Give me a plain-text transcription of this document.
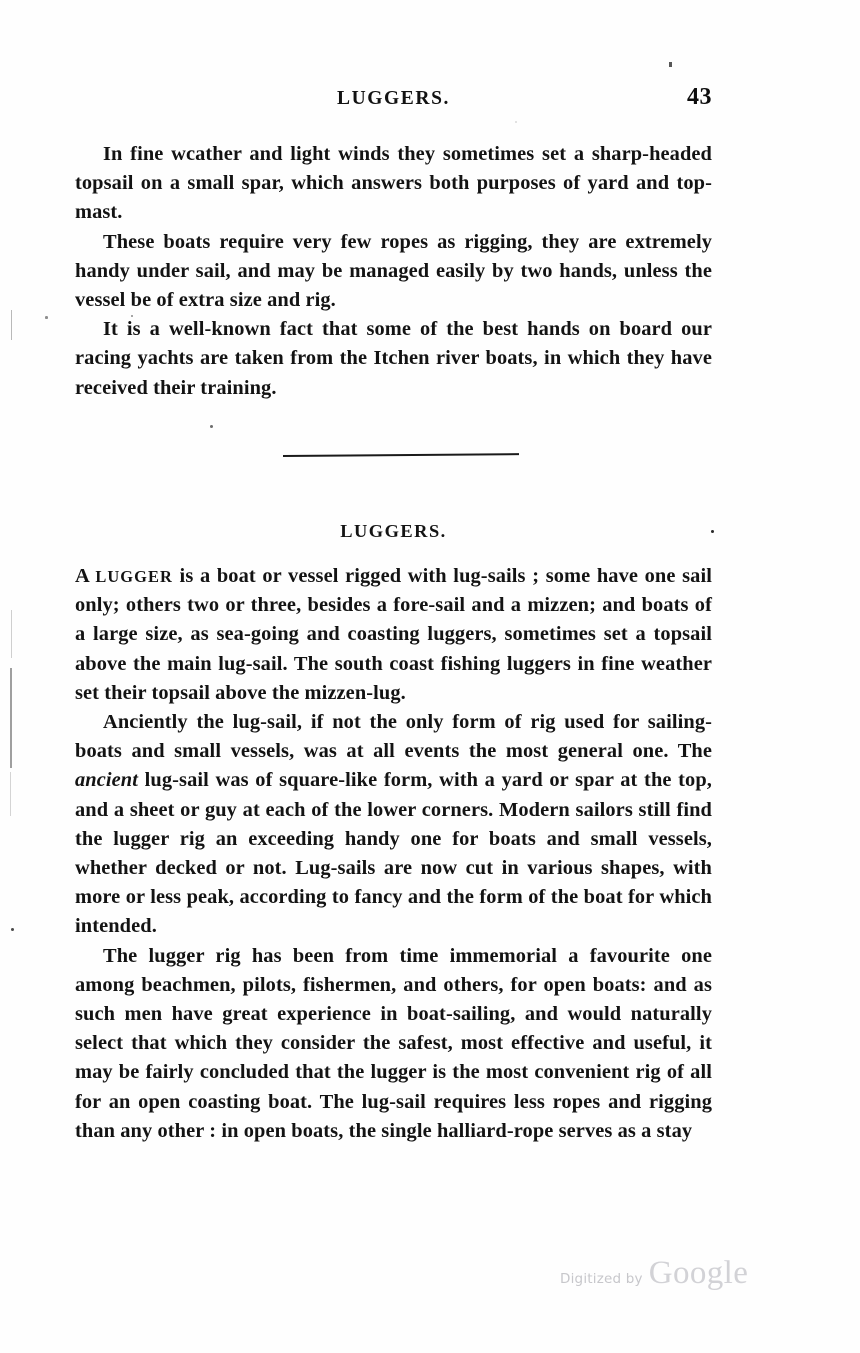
LUGGERS.	43

In fine wcather and light winds they sometimes set a sharp-headed topsail on a small spar, which answers both purposes of yard and top-mast.

These boats require very few ropes as rigging, they are extremely handy under sail, and may be managed easily by two hands, unless the vessel be of extra size and rig.

It is a well-known fact that some of the best hands on board our racing yachts are taken from the Itchen river boats, in which they have received their training.

LUGGERS.

A LUGGER is a boat or vessel rigged with lug-sails ; some have one sail only; others two or three, besides a fore-sail and a mizzen; and boats of a large size, as sea-going and coasting luggers, sometimes set a topsail above the main lug-sail. The south coast fishing luggers in fine weather set their topsail above the mizzen-lug.

Anciently the lug-sail, if not the only form of rig used for sailing-boats and small vessels, was at all events the most general one. The ancient lug-sail was of square-like form, with a yard or spar at the top, and a sheet or guy at each of the lower corners. Modern sailors still find the lugger rig an exceeding handy one for boats and small vessels, whether decked or not. Lug-sails are now cut in various shapes, with more or less peak, according to fancy and the form of the boat for which intended.

The lugger rig has been from time immemorial a favourite one among beachmen, pilots, fishermen, and others, for open boats: and as such men have great experience in boat-sailing, and would naturally select that which they consider the safest, most effective and useful, it may be fairly concluded that the lugger is the most convenient rig of all for an open coasting boat. The lug-sail requires less ropes and rigging than any other : in open boats, the single halliard-rope serves as a stay

Digitized by Google
